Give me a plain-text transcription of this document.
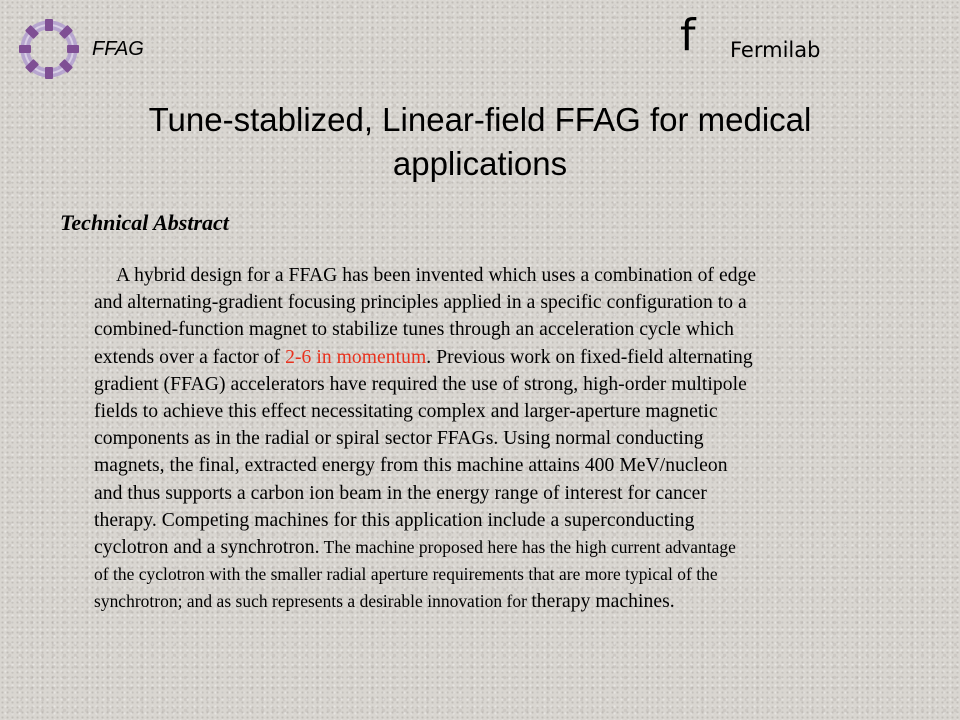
FFAG	f Fermilab
Tune-stablized, Linear-field FFAG for medical
applications
Technical Abstract
A hybrid design for a FFAG has been invented which uses a combination of edge
and alternating-gradient focusing principles applied in a specific configuration to a
combined-function magnet to stabilize tunes through an acceleration cycle which
extends over a factor of 2-6 in momentum. Previous work on fixed-field alternating
gradient (FFAG) accelerators have required the use of strong, high-order multipole
fields to achieve this effect necessitating complex and larger-aperture magnetic
components as in the radial or spiral sector FFAGs. Using normal conducting
magnets, the final, extracted energy from this machine attains 400 MeV/nucleon
and thus supports a carbon ion beam in the energy range of interest for cancer
therapy. Competing machines for this application include a superconducting
cyclotron and a synchrotron. The machine proposed here has the high current advantage
of the cyclotron with the smaller radial aperture requirements that are more typical of the
synchrotron; and as such represents a desirable innovation for therapy machines.
